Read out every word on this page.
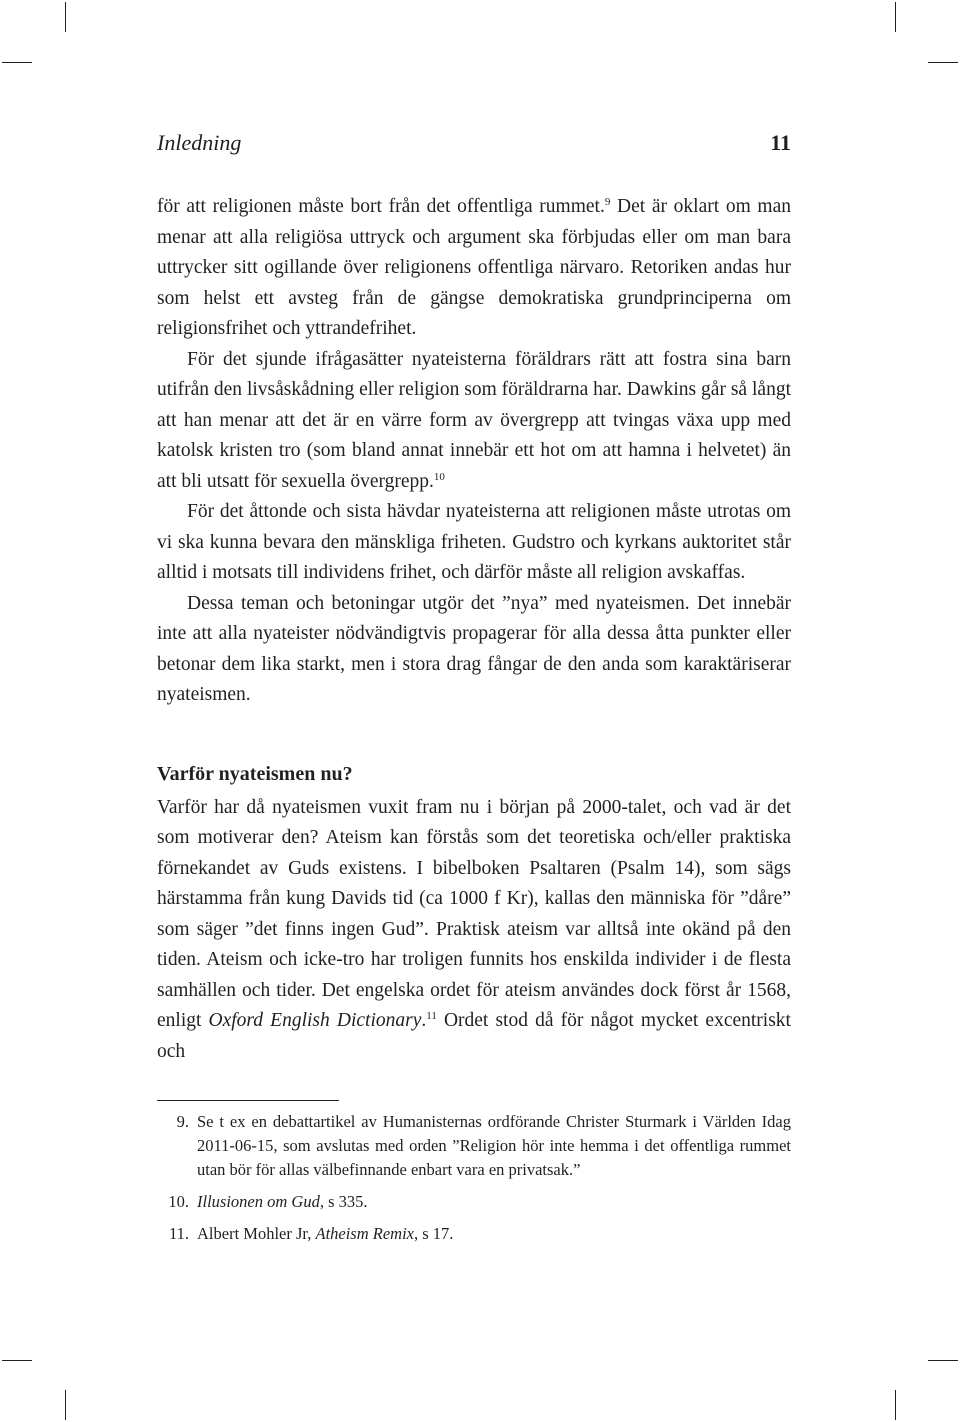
Inledning	11

för att religionen måste bort från det offentliga rummet.$^9$ Det är oklart om man menar att alla religiösa uttryck och argument ska förbjudas eller om man bara uttrycker sitt ogillande över religionens offentliga närvaro. Retoriken andas hur som helst ett avsteg från de gängse demokratiska grundprinciperna om religionsfrihet och yttrandefrihet.

För det sjunde ifrågasätter nyateisterna föräldrars rätt att fostra sina barn utifrån den livsåskådning eller religion som föräldrarna har. Dawkins går så långt att han menar att det är en värre form av övergrepp att tvingas växa upp med katolsk kristen tro (som bland annat innebär ett hot om att hamna i helvetet) än att bli utsatt för sexuella övergrepp.$^{10}$

För det åttonde och sista hävdar nyateisterna att religionen måste utrotas om vi ska kunna bevara den mänskliga friheten. Gudstro och kyrkans auktoritet står alltid i motsats till individens frihet, och därför måste all religion avskaffas.

Dessa teman och betoningar utgör det ”nya” med nyateismen. Det innebär inte att alla nyateister nödvändigtvis propagerar för alla dessa åtta punkter eller betonar dem lika starkt, men i stora drag fångar de den anda som karaktäriserar nyateismen.

Varför nyateismen nu?

Varför har då nyateismen vuxit fram nu i början på 2000-talet, och vad är det som motiverar den? Ateism kan förstås som det teoretiska och/eller praktiska förnekandet av Guds existens. I bibelboken Psaltaren (Psalm 14), som sägs härstamma från kung Davids tid (ca 1000 f Kr), kallas den människa för ”dåre” som säger ”det finns ingen Gud”. Praktisk ateism var alltså inte okänd på den tiden. Ateism och icke-tro har troligen funnits hos enskilda individer i de flesta samhällen och tider. Det engelska ordet för ateism användes dock först år 1568, enligt Oxford English Dictionary.$^{11}$ Ordet stod då för något mycket excentriskt och

9. Se t ex en debattartikel av Humanisternas ordförande Christer Sturmark i Världen Idag 2011-06-15, som avslutas med orden ”Religion hör inte hemma i det offentliga rummet utan bör för allas välbefinnande enbart vara en privatsak.”
10. Illusionen om Gud, s 335.
11. Albert Mohler Jr, Atheism Remix, s 17.
